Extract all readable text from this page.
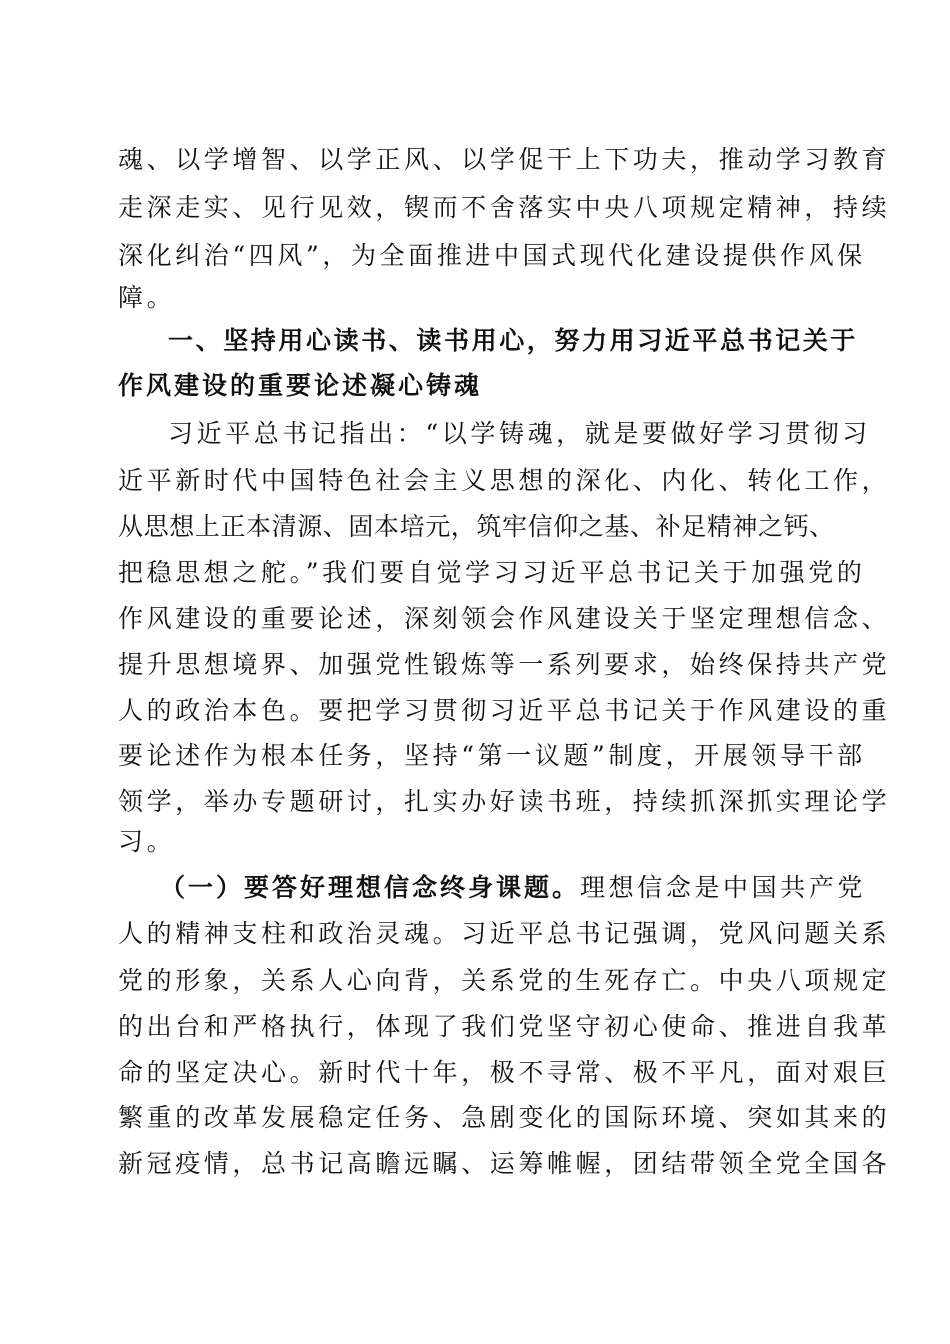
魂、以学增智、以学正风、以学促干上下功夫，推动学习教育
走深走实、见行见效，锲而不舍落实中央八项规定精神，持续
深化纠治“四风”，为全面推进中国式现代化建设提供作风保
障。
一、坚持用心读书、读书用心，努力用习近平总书记关于
作风建设的重要论述凝心铸魂
习近平总书记指出：“以学铸魂，就是要做好学习贯彻习
近平新时代中国特色社会主义思想的深化、内化、转化工作，
从思想上正本清源、固本培元，筑牢信仰之基、补足精神之钙、
把稳思想之舵。”我们要自觉学习习近平总书记关于加强党的
作风建设的重要论述，深刻领会作风建设关于坚定理想信念、
提升思想境界、加强党性锻炼等一系列要求，始终保持共产党
人的政治本色。要把学习贯彻习近平总书记关于作风建设的重
要论述作为根本任务，坚持“第一议题”制度，开展领导干部
领学，举办专题研讨，扎实办好读书班，持续抓深抓实理论学
习。
（一）要答好理想信念终身课题。理想信念是中国共产党
人的精神支柱和政治灵魂。习近平总书记强调，党风问题关系
党的形象，关系人心向背，关系党的生死存亡。中央八项规定
的出台和严格执行，体现了我们党坚守初心使命、推进自我革
命的坚定决心。新时代十年，极不寻常、极不平凡，面对艰巨
繁重的改革发展稳定任务、急剧变化的国际环境、突如其来的
新冠疫情，总书记高瞻远瞩、运筹帷幄，团结带领全党全国各
